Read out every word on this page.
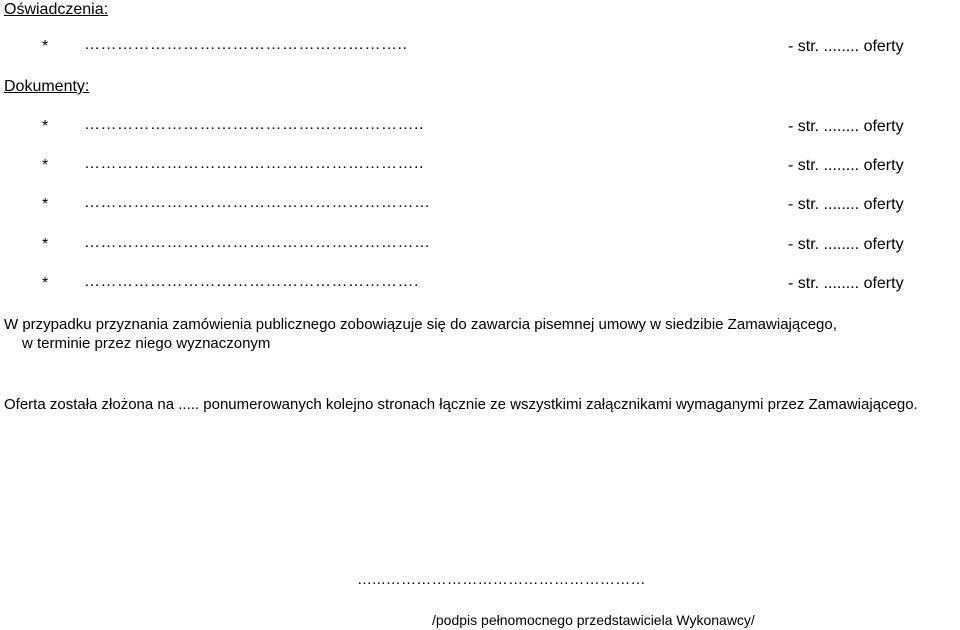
Oświadczenia:
* …………………………………………………..	- str. ........ oferty
Dokumenty:
* ……………………………………………………..	- str. ........ oferty
* ……………………………………………………..	- str. ........ oferty
* ………………………………………………………	- str. ........ oferty
* ………………………………………………………	- str. ........ oferty
* …………………………………………………….	- str. ........ oferty
W przypadku przyznania zamówienia publicznego zobowiązuje się do zawarcia pisemnej umowy w siedzibie Zamawiającego,
w terminie przez niego wyznaczonym
Oferta została złożona na ..... ponumerowanych kolejno stronach łącznie ze wszystkimi załącznikami wymaganymi przez Zamawiającego.
…...……………………………………………
/podpis pełnomocnego przedstawiciela Wykonawcy/
